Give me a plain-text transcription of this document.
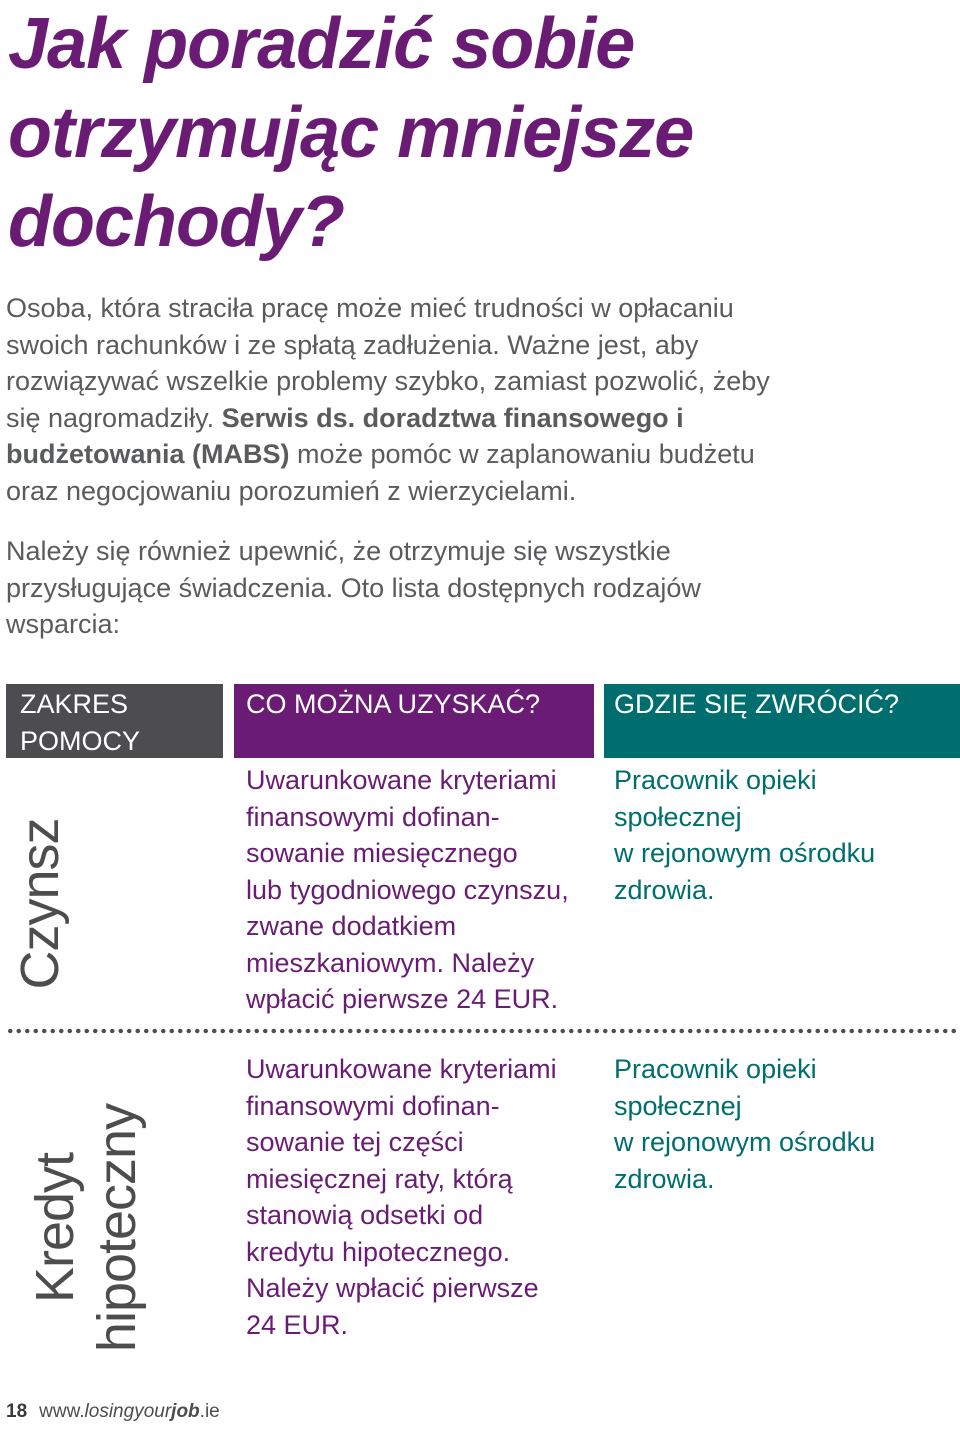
Jak poradzić sobie
otrzymując mniejsze
dochody?

Osoba, która straciła pracę może mieć trudności w opłacaniu swoich rachunków i ze spłatą zadłużenia. Ważne jest, aby rozwiązywać wszelkie problemy szybko, zamiast pozwolić, żeby się nagromadziły. Serwis ds. doradztwa finansowego i budżetowania (MABS) może pomóc w zaplanowaniu budżetu oraz negocjowaniu porozumień z wierzycielami.

Należy się również upewnić, że otrzymuje się wszystkie przysługujące świadczenia. Oto lista dostępnych rodzajów wsparcia:

ZAKRES
POMOCY
CO MOŻNA UZYSKAĆ?	GDZIE SIĘ ZWRÓCIĆ?
Czynsz
Uwarunkowane kryteriami
finansowymi dofinan-
sowanie miesięcznego
lub tygodniowego czynszu,
zwane dodatkiem
mieszkaniowym. Należy
wpłacić pierwsze 24 EUR.
Pracownik opieki
społecznej
w rejonowym ośrodku
zdrowia.
Kredyt hipoteczny
Uwarunkowane kryteriami
finansowymi dofinan-
sowanie tej części
miesięcznej raty, którą
stanowią odsetki od
kredytu hipotecznego.
Należy wpłacić pierwsze
24 EUR.
Pracownik opieki
społecznej
w rejonowym ośrodku
zdrowia.
18 www.losingyourjob.ie
